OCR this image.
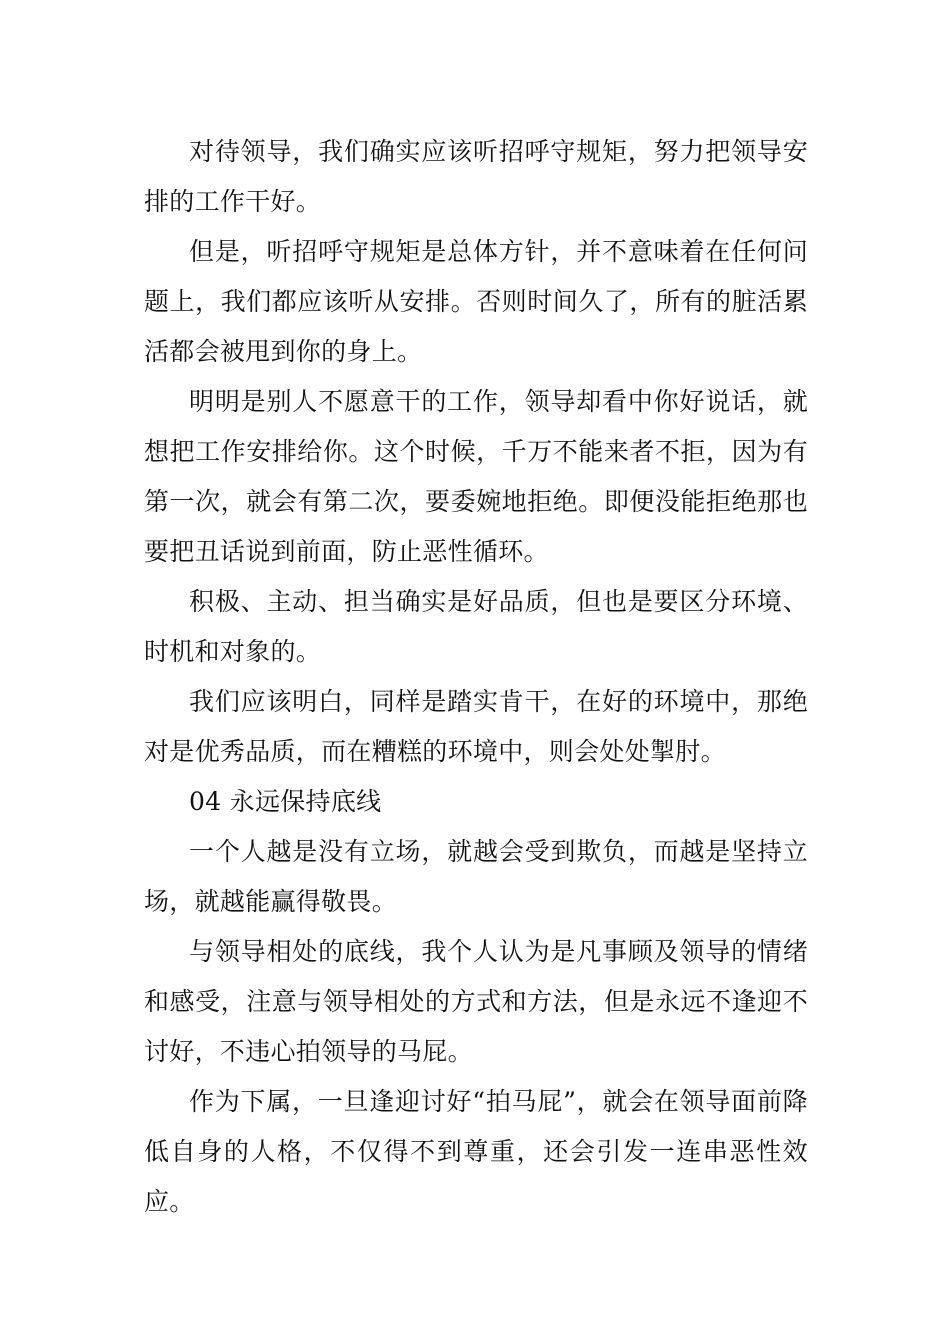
对待领导，我们确实应该听招呼守规矩，努力把领导安排的工作干好。

但是，听招呼守规矩是总体方针，并不意味着在任何问题上，我们都应该听从安排。否则时间久了，所有的脏活累活都会被甩到你的身上。

明明是别人不愿意干的工作，领导却看中你好说话，就想把工作安排给你。这个时候，千万不能来者不拒，因为有第一次，就会有第二次，要委婉地拒绝。即便没能拒绝那也要把丑话说到前面，防止恶性循环。

积极、主动、担当确实是好品质，但也是要区分环境、时机和对象的。

我们应该明白，同样是踏实肯干，在好的环境中，那绝对是优秀品质，而在糟糕的环境中，则会处处掣肘。

04 永远保持底线

一个人越是没有立场，就越会受到欺负，而越是坚持立场，就越能赢得敬畏。

与领导相处的底线，我个人认为是凡事顾及领导的情绪和感受，注意与领导相处的方式和方法，但是永远不逢迎不讨好，不违心拍领导的马屁。

作为下属，一旦逢迎讨好“拍马屁”，就会在领导面前降低自身的人格，不仅得不到尊重，还会引发一连串恶性效应。
